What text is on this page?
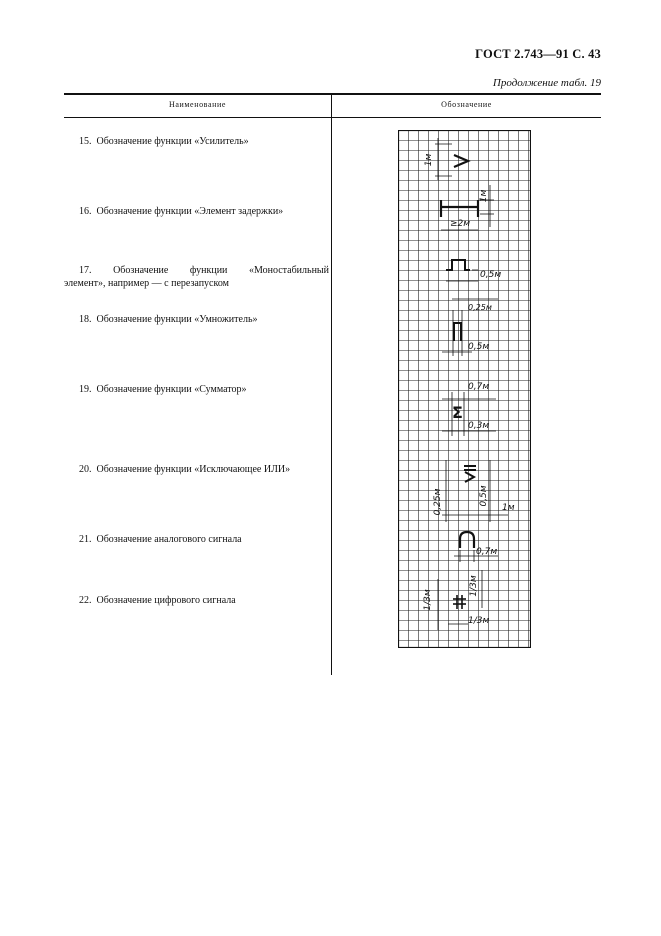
ГОСТ 2.743—91 С. 43
Продолжение табл. 19
Наименование	Обозначение
15. Обозначение функции «Усилитель»
16. Обозначение функции «Элемент задержки»
17. Обозначение функции «Моностабильный
элемент», например — с перезапуском
18. Обозначение функции «Умножитель»
19. Обозначение функции «Сумматор»
20. Обозначение функции «Исключающее ИЛИ»
21. Обозначение аналогового сигнала
22. Обозначение цифрового сигнала
1м
≥2м
1м
0,5м
0,25м
0,5м
Σ
0,7м
0,3м
0,25м	0,5м
1м
0,7м
1/3м
1/3м
1/3м
